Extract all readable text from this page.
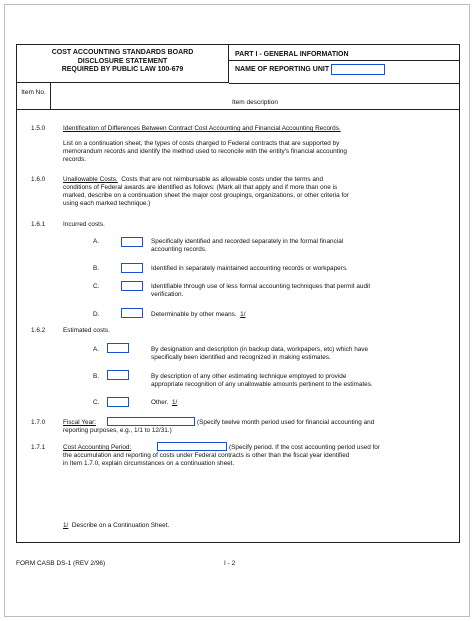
COST ACCOUNTING STANDARDS BOARD
DISCLOSURE STATEMENT
REQUIRED BY PUBLIC LAW 100-679
PART I - GENERAL INFORMATION
NAME OF REPORTING UNIT
Item No.
Item description
1.5.0	Identification of Differences Between Contract Cost Accounting and Financial Accounting Records.
List on a continuation sheet, the types of costs charged to Federal contracts that are supported by
memorandum records and identify the method used to reconcile with the entity's financial accounting
records.
1.6.0	Unallowable Costs. Costs that are not reimbursable as allowable costs under the terms and
conditions of Federal awards are identified as follows: (Mark all that apply and if more than one is
marked, describe on a continuation sheet the major cost groupings, organizations, or other criteria for
using each marked technique.)
1.6.1	Incurred costs.
A.	Specifically identified and recorded separately in the formal financial
accounting records.
B.	Identified in separately maintained accounting records or workpapers.
C.	Identifiable through use of less formal accounting techniques that permit audit
verification.
D.	Determinable by other means. 1/
1.6.2	Estimated costs.
A.	By designation and description (in backup data, workpapers, etc) which have
specifically been identified and recognized in making estimates.
B.	By description of any other estimating technique employed to provide
appropriate recognition of any unallowable amounts pertinent to the estimates.
C.	Other. 1/
1.7.0	Fiscal Year:	(Specify twelve month period used for financial accounting and
reporting purposes, e.g., 1/1 to 12/31.)
1.7.1	Cost Accounting Period:	(Specify period. If the cost accounting period used for
the accumulation and reporting of costs under Federal contracts is other than the fiscal year identified
in Item 1.7.0, explain circumstances on a continuation sheet.
1/ Describe on a Continuation Sheet.
FORM CASB DS-1 (REV 2/96)	I - 2
